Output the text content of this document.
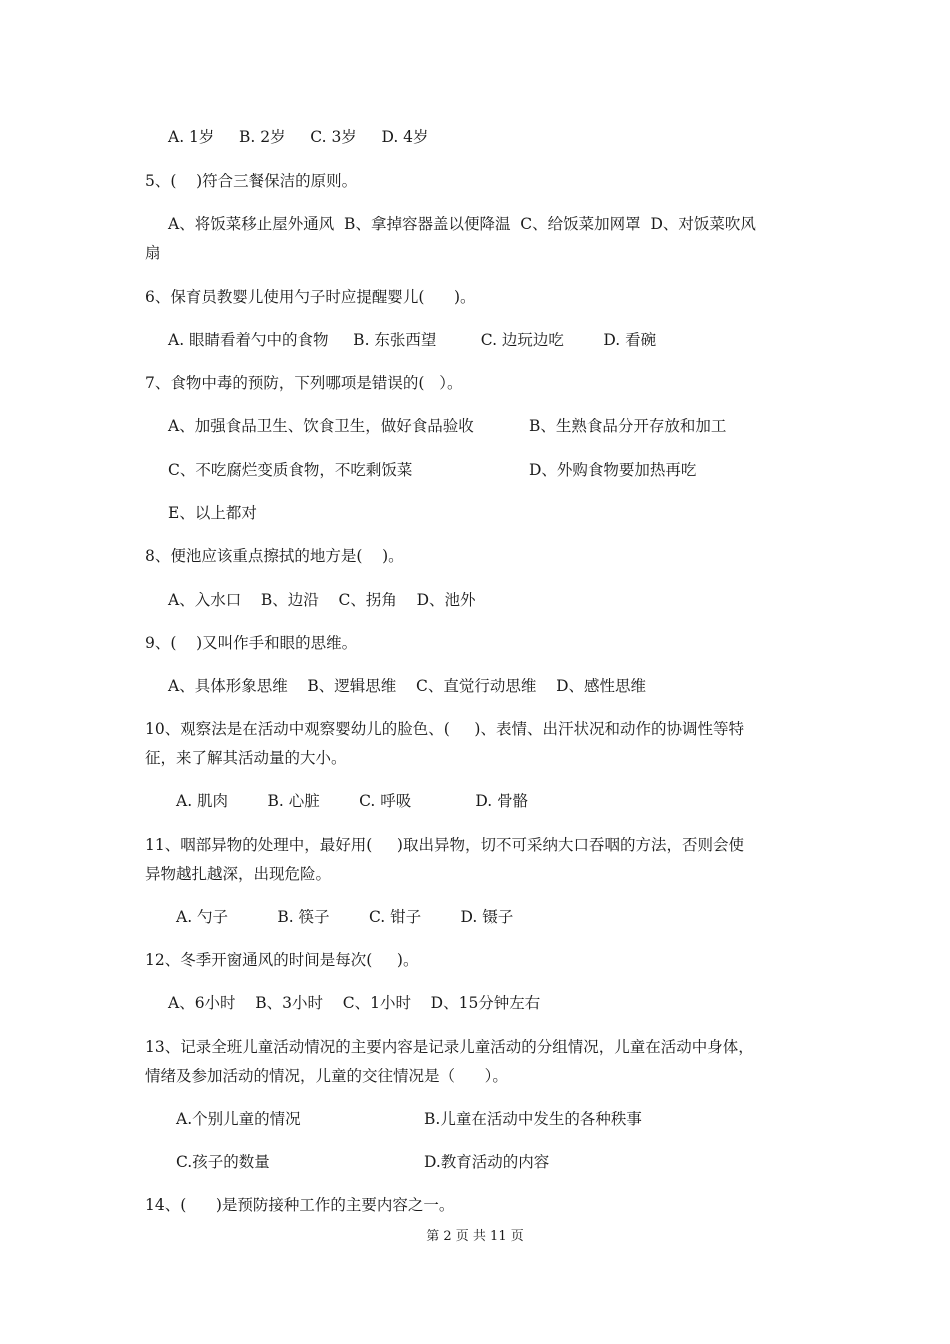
A. 1岁     B. 2岁     C. 3岁     D. 4岁
5、(    )符合三餐保洁的原则。
A、将饭菜移止屋外通风  B、拿掉容器盖以便降温  C、给饭菜加网罩  D、对饭菜吹风
扇
6、保育员教婴儿使用勺子时应提醒婴儿(      )。
A. 眼睛看着勺中的食物     B. 东张西望         C. 边玩边吃        D. 看碗
7、食物中毒的预防，下列哪项是错误的(   ）。
A、加强食品卫生、饮食卫生，做好食品验收	B、生熟食品分开存放和加工
C、不吃腐烂变质食物，不吃剩饭菜	D、外购食物要加热再吃
E、以上都对
8、便池应该重点擦拭的地方是(    )。
A、入水口    B、边沿    C、拐角    D、池外
9、(    )又叫作手和眼的思维。
A、具体形象思维    B、逻辑思维    C、直觉行动思维    D、感性思维
10、观察法是在活动中观察婴幼儿的脸色、(     )、表情、出汗状况和动作的协调性等特
征，来了解其活动量的大小。
A. 肌肉        B. 心脏        C. 呼吸             D. 骨骼
11、咽部异物的处理中，最好用(     )取出异物，切不可采纳大口吞咽的方法，否则会使
异物越扎越深，出现危险。
A. 勺子          B. 筷子        C. 钳子        D. 镊子
12、冬季开窗通风的时间是每次(     )。
A、6小时    B、3小时    C、1小时    D、15分钟左右
13、记录全班儿童活动情况的主要内容是记录儿童活动的分组情况，儿童在活动中身体，
情绪及参加活动的情况，儿童的交往情况是（      ）。
A.个别儿童的情况	B.儿童在活动中发生的各种秩事
C.孩子的数量	D.教育活动的内容
14、(      )是预防接种工作的主要内容之一。
第 2 页 共 11 页
